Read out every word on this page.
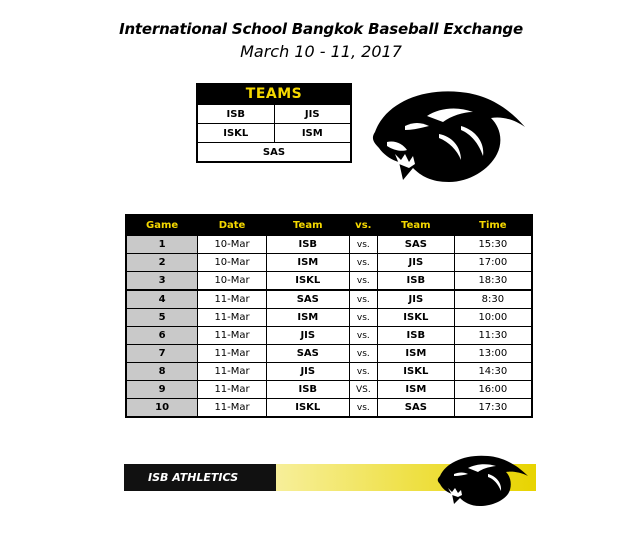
International School Bangkok Baseball Exchange
March 10 - 11, 2017
TEAMS
ISB	JIS
ISKL	ISM
SAS
Game	Date	Team	vs.	Team	Time
1	10-Mar	ISB	vs.	SAS	15:30
2	10-Mar	ISM	vs.	JIS	17:00
3	10-Mar	ISKL	vs.	ISB	18:30
4	11-Mar	SAS	vs.	JIS	8:30
5	11-Mar	ISM	vs.	ISKL	10:00
6	11-Mar	JIS	vs.	ISB	11:30
7	11-Mar	SAS	vs.	ISM	13:00
8	11-Mar	JIS	vs.	ISKL	14:30
9	11-Mar	ISB	VS.	ISM	16:00
10	11-Mar	ISKL	vs.	SAS	17:30
ISB ATHLETICS
